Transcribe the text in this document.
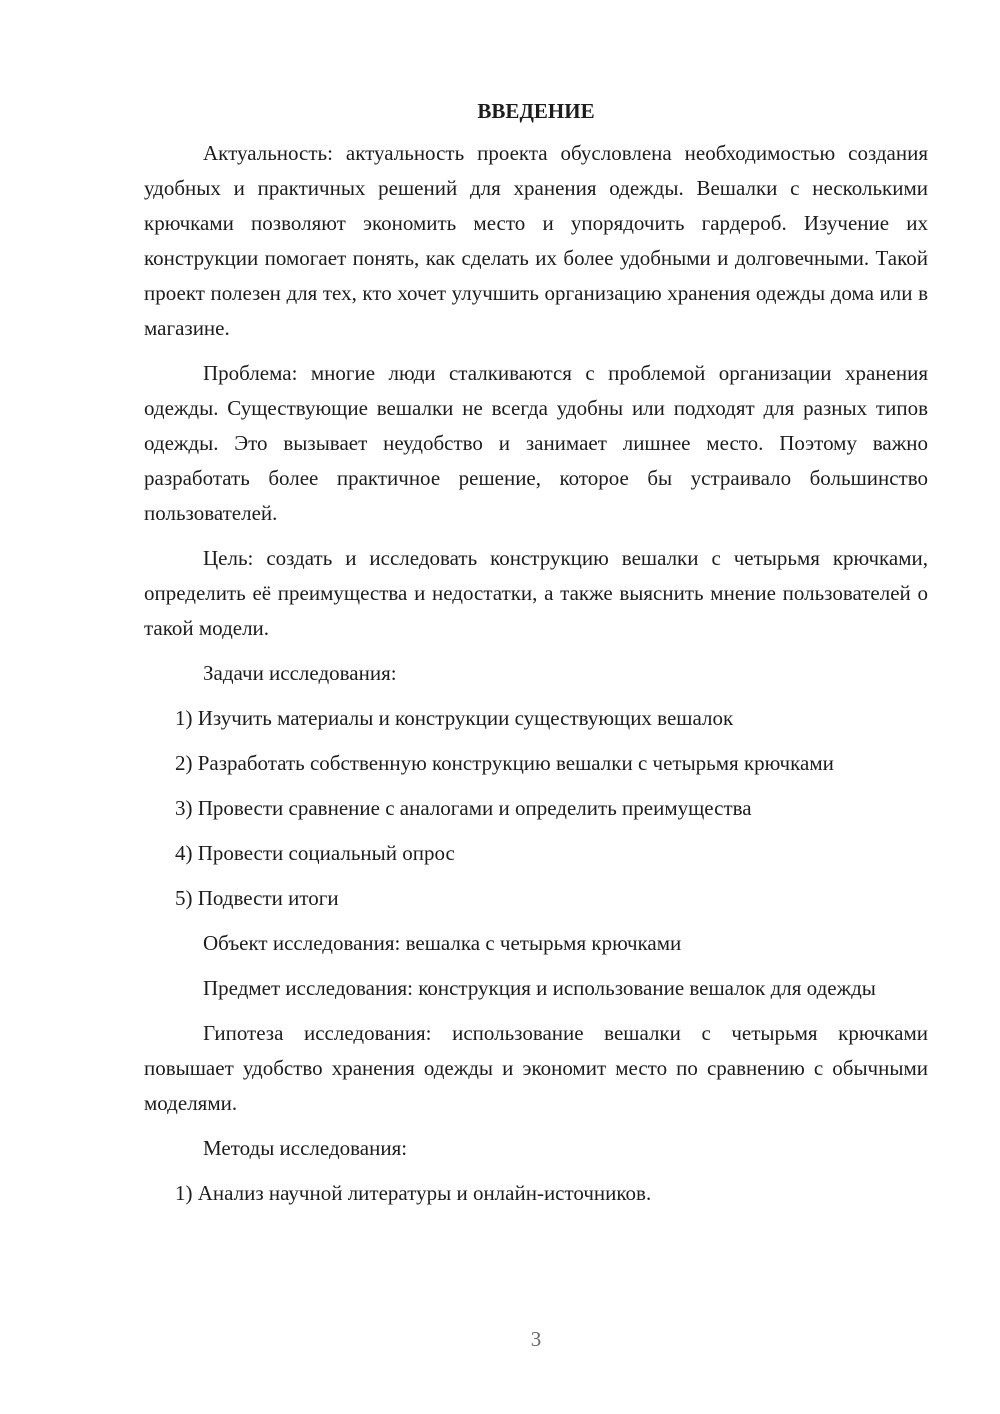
ВВЕДЕНИЕ

Актуальность: актуальность проекта обусловлена необходимостью создания удобных и практичных решений для хранения одежды. Вешалки с несколькими крючками позволяют экономить место и упорядочить гардероб. Изучение их конструкции помогает понять, как сделать их более удобными и долговечными. Такой проект полезен для тех, кто хочет улучшить организацию хранения одежды дома или в магазине.

Проблема: многие люди сталкиваются с проблемой организации хранения одежды. Существующие вешалки не всегда удобны или подходят для разных типов одежды. Это вызывает неудобство и занимает лишнее место. Поэтому важно разработать более практичное решение, которое бы устраивало большинство пользователей.

Цель: создать и исследовать конструкцию вешалки с четырьмя крючками, определить её преимущества и недостатки, а также выяснить мнение пользователей о такой модели.

Задачи исследования:

1) Изучить материалы и конструкции существующих вешалок

2) Разработать собственную конструкцию вешалки с четырьмя крючками

3) Провести сравнение с аналогами и определить преимущества

4) Провести социальный опрос

5) Подвести итоги

Объект исследования: вешалка с четырьмя крючками

Предмет исследования: конструкция и использование вешалок для одежды

Гипотеза исследования: использование вешалки с четырьмя крючками повышает удобство хранения одежды и экономит место по сравнению с обычными моделями.

Методы исследования:

1) Анализ научной литературы и онлайн-источников.

3
